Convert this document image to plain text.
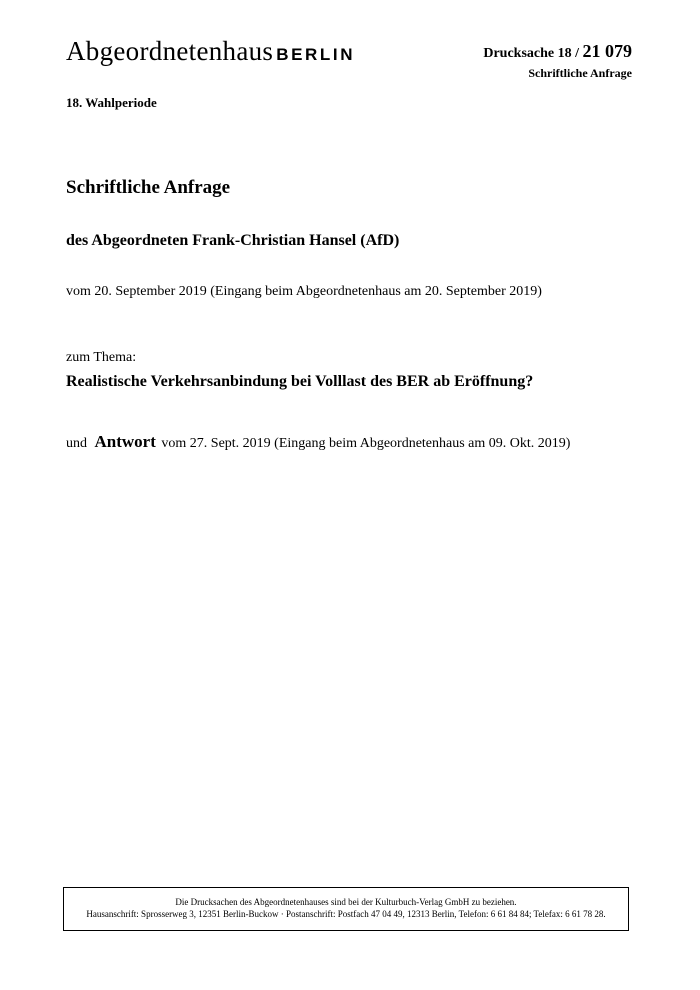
Abgeordnetenhaus BERLIN	Drucksache 18 / 21 079
Schriftliche Anfrage
18. Wahlperiode
Schriftliche Anfrage
des Abgeordneten Frank-Christian Hansel (AfD)
vom 20. September 2019 (Eingang beim Abgeordnetenhaus am 20. September 2019)
zum Thema:
Realistische Verkehrsanbindung bei Volllast des BER ab Eröffnung?
und Antwort vom 27. Sept. 2019 (Eingang beim Abgeordnetenhaus am 09. Okt. 2019)
Die Drucksachen des Abgeordnetenhauses sind bei der Kulturbuch-Verlag GmbH zu beziehen.
Hausanschrift: Sprosserweg 3, 12351 Berlin-Buckow · Postanschrift: Postfach 47 04 49, 12313 Berlin, Telefon: 6 61 84 84; Telefax: 6 61 78 28.
